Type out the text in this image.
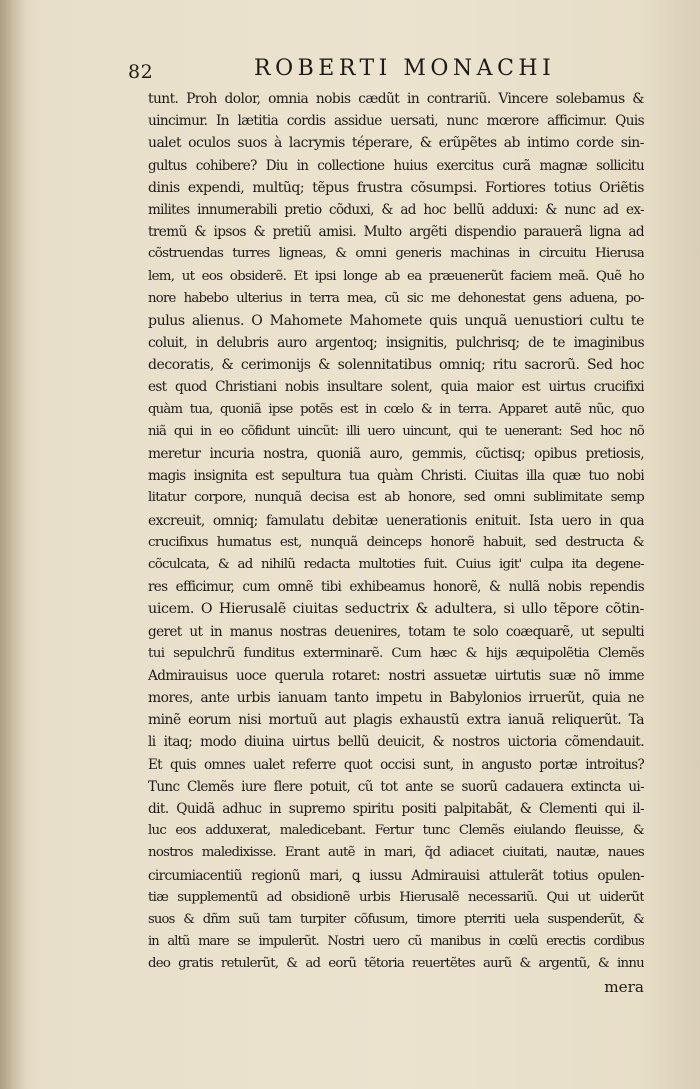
82	ROBERTI MONACHI
tunt. Proh dolor, omnia nobis cædũt in contrariũ. Vincere solebamus &
uincimur. In lætitia cordis assidue uersati, nunc mœrore afficimur. Quis
ualet oculos suos à lacrymis téperare, & erũpẽtes ab intimo corde sin-
gultus cohibere? Diu in collectione huius exercitus curã magnæ sollicitu
dinis expendi, multũq; tẽpus frustra cõsumpsi. Fortiores totius Oriẽtis
milites innumerabili pretio cõduxi, & ad hoc bellũ adduxi: & nunc ad ex-
tremũ & ipsos & pretiũ amisi. Multo argẽti dispendio parauerã ligna ad
cõstruendas turres ligneas, & omni generis machinas in circuitu Hierusa
lem, ut eos obsiderẽ. Et ipsi longe ab ea præuenerũt faciem meã. Quẽ ho
nore habebo ulterius in terra mea, cũ sic me dehonestat gens aduena, po-
pulus alienus. O Mahomete Mahomete quis unquã uenustiori cultu te
coluit, in delubris auro argentoq; insignitis, pulchrisq; de te imaginibus
decoratis, & cerimonijs & solennitatibus omniq; ritu sacrorũ. Sed hoc
est quod Christiani nobis insultare solent, quia maior est uirtus crucifixi
quàm tua, quoniã ipse potẽs est in cœlo & in terra. Apparet autẽ nũc, quo
niã qui in eo cõfidunt uincũt: illi uero uincunt, qui te uenerant: Sed hoc nõ
meretur incuria nostra, quoniã auro, gemmis, cũctisq; opibus pretiosis,
magis insignita est sepultura tua quàm Christi. Ciuitas illa quæ tuo nobi
litatur corpore, nunquã decisa est ab honore, sed omni sublimitate semp
excreuit, omniq; famulatu debitæ uenerationis enituit. Ista uero in qua
crucifixus humatus est, nunquã deinceps honorẽ habuit, sed destructa &
cõculcata, & ad nihilũ redacta multoties fuit. Cuius igit' culpa ita degene-
res efficimur, cum omnẽ tibi exhibeamus honorẽ, & nullã nobis rependis
uicem. O Hierusalẽ ciuitas seductrix & adultera, si ullo tẽpore cõtin-
geret ut in manus nostras deuenires, totam te solo coæquarẽ, ut sepulti
tui sepulchrũ funditus exterminarẽ. Cum hæc & hijs æquipolẽtia Clemẽs
Admirauisus uoce querula rotaret: nostri assuetæ uirtutis suæ nõ imme
mores, ante urbis ianuam tanto impetu in Babylonios irruerũt, quia ne
minẽ eorum nisi mortuũ aut plagis exhaustũ extra ianuã reliquerũt. Ta
li itaq; modo diuina uirtus bellũ deuicit, & nostros uictoria cõmendauit.
Et quis omnes ualet referre quot occisi sunt, in angusto portæ introitus?
Tunc Clemẽs iure flere potuit, cũ tot ante se suorũ cadauera extincta ui-
dit. Quidã adhuc in supremo spiritu positi palpitabãt, & Clementi qui il-
luc eos adduxerat, maledicebant. Fertur tunc Clemẽs eiulando fleuisse, &
nostros maledixisse. Erant autẽ in mari, q̃d adiacet ciuitati, nautæ, naues
circumiacentiũ regionũ mari, ꝗ iussu Admirauisi attulerãt totius opulen-
tiæ supplementũ ad obsidionẽ urbis Hierusalẽ necessariũ. Qui ut uiderũt
suos & dñm suũ tam turpiter cõfusum, timore pterriti uela suspenderũt, &
in altũ mare se impulerũt. Nostri uero cũ manibus in cœlũ erectis cordibus
deo gratis retulerũt, & ad eorũ tẽtoria reuertẽtes aurũ & argentũ, & innu
mera
